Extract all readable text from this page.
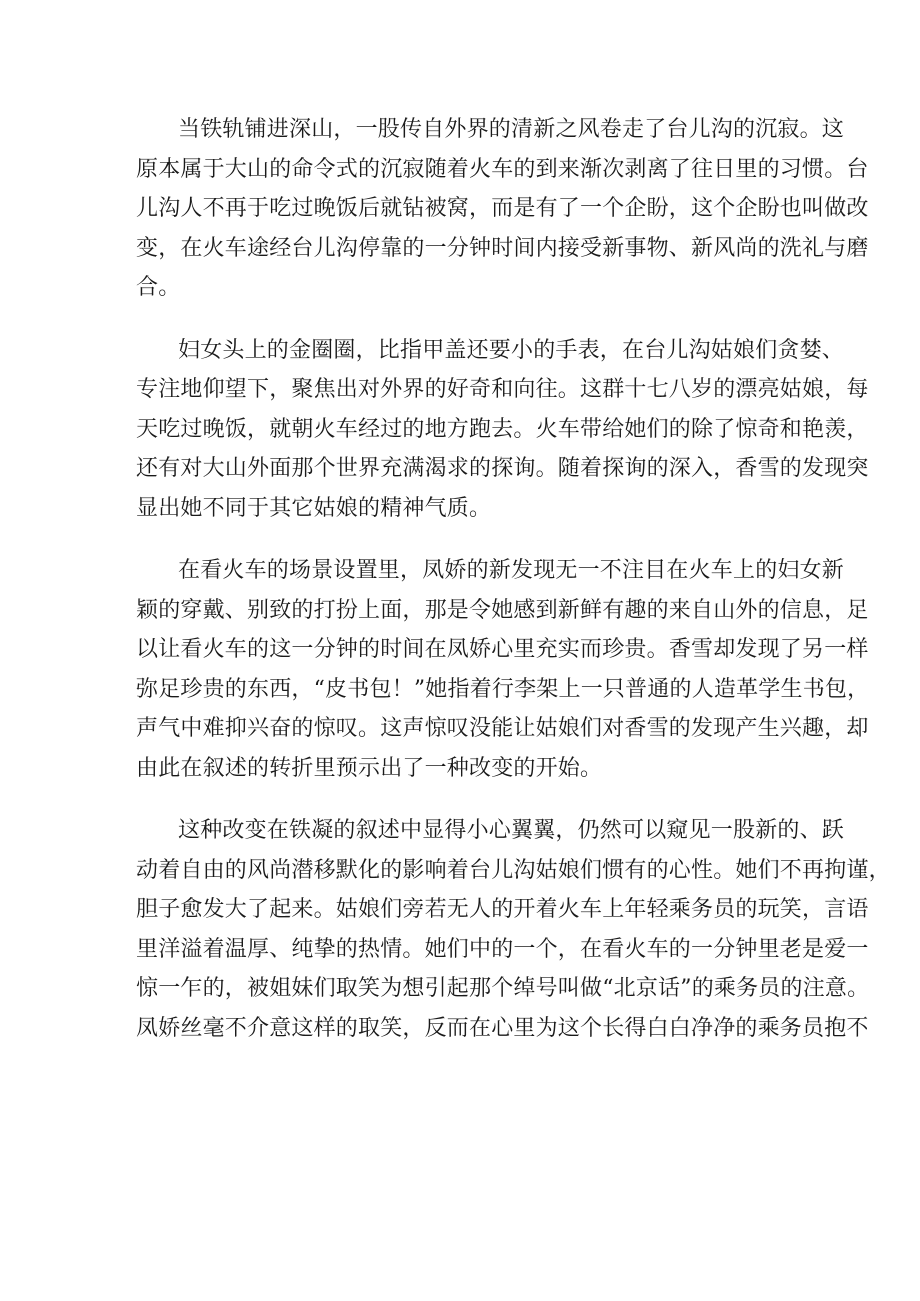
当铁轨铺进深山，一股传自外界的清新之风卷走了台儿沟的沉寂。这
原本属于大山的命令式的沉寂随着火车的到来渐次剥离了往日里的习惯。台
儿沟人不再于吃过晚饭后就钻被窝，而是有了一个企盼，这个企盼也叫做改
变，在火车途经台儿沟停靠的一分钟时间内接受新事物、新风尚的洗礼与磨
合。

妇女头上的金圈圈，比指甲盖还要小的手表，在台儿沟姑娘们贪婪、
专注地仰望下，聚焦出对外界的好奇和向往。这群十七八岁的漂亮姑娘，每
天吃过晚饭，就朝火车经过的地方跑去。火车带给她们的除了惊奇和艳羡，
还有对大山外面那个世界充满渴求的探询。随着探询的深入，香雪的发现突
显出她不同于其它姑娘的精神气质。

在看火车的场景设置里，凤娇的新发现无一不注目在火车上的妇女新
颖的穿戴、别致的打扮上面，那是令她感到新鲜有趣的来自山外的信息，足
以让看火车的这一分钟的时间在凤娇心里充实而珍贵。香雪却发现了另一样
弥足珍贵的东西，“皮书包！”她指着行李架上一只普通的人造革学生书包，
声气中难抑兴奋的惊叹。这声惊叹没能让姑娘们对香雪的发现产生兴趣，却
由此在叙述的转折里预示出了一种改变的开始。

这种改变在铁凝的叙述中显得小心翼翼，仍然可以窥见一股新的、跃
动着自由的风尚潜移默化的影响着台儿沟姑娘们惯有的心性。她们不再拘谨，
胆子愈发大了起来。姑娘们旁若无人的开着火车上年轻乘务员的玩笑，言语
里洋溢着温厚、纯挚的热情。她们中的一个，在看火车的一分钟里老是爱一
惊一乍的，被姐妹们取笑为想引起那个绰号叫做“北京话”的乘务员的注意。
凤娇丝毫不介意这样的取笑，反而在心里为这个长得白白净净的乘务员抱不
